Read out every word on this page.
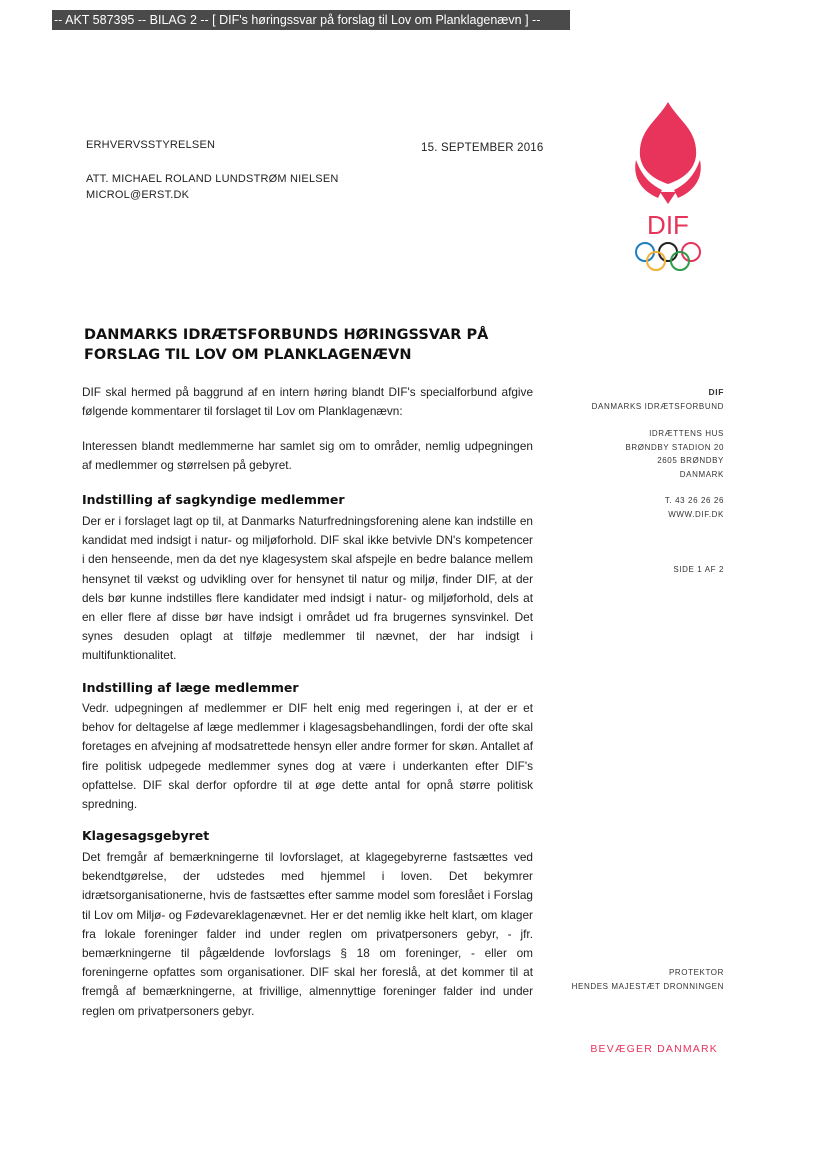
-- AKT 587395 -- BILAG 2 -- [ DIF's høringssvar på forslag til Lov om Planklagenævn ] --
ERHVERVSSTYRELSEN	15. SEPTEMBER 2016
ATT. MICHAEL ROLAND LUNDSTRØM NIELSEN
MICROL@ERST.DK
DIF
DANMARKS IDRÆTSFORBUNDS HØRINGSSVAR PÅ FORSLAG TIL LOV OM PLANKLAGENÆVN

DIF skal hermed på baggrund af en intern høring blandt DIF's specialforbund afgive følgende kommentarer til forslaget til Lov om Planklagenævn:

Interessen blandt medlemmerne har samlet sig om to områder, nemlig udpegningen af medlemmer og størrelsen på gebyret.

Indstilling af sagkyndige medlemmer

Der er i forslaget lagt op til, at Danmarks Naturfredningsforening alene kan indstille en kandidat med indsigt i natur- og miljøforhold. DIF skal ikke betvivle DN's kompetencer i den henseende, men da det nye klagesystem skal afspejle en bedre balance mellem hensynet til vækst og udvikling over for hensynet til natur og miljø, finder DIF, at der dels bør kunne indstilles flere kandidater med indsigt i natur- og miljøforhold, dels at en eller flere af disse bør have indsigt i området ud fra brugernes synsvinkel. Det synes desuden oplagt at tilføje medlemmer til nævnet, der har indsigt i multifunktionalitet.

Indstilling af læge medlemmer

Vedr. udpegningen af medlemmer er DIF helt enig med regeringen i, at der er et behov for deltagelse af læge medlemmer i klagesagsbehandlingen, fordi der ofte skal foretages en afvejning af modsatrettede hensyn eller andre former for skøn. Antallet af fire politisk udpegede medlemmer synes dog at være i underkanten efter DIF's opfattelse. DIF skal derfor opfordre til at øge dette antal for opnå større politisk spredning.

Klagesagsgebyret

Det fremgår af bemærkningerne til lovforslaget, at klagegebyrerne fastsættes ved bekendtgørelse, der udstedes med hjemmel i loven. Det bekymrer idrætsorganisationerne, hvis de fastsættes efter samme model som foreslået i Forslag til Lov om Miljø- og Fødevareklagenævnet. Her er det nemlig ikke helt klart, om klager fra lokale foreninger falder ind under reglen om privatpersoners gebyr, - jfr. bemærkningerne til pågældende lovforslags § 18 om foreninger, - eller om foreningerne opfattes som organisationer. DIF skal her foreslå, at det kommer til at fremgå af bemærkningerne, at frivillige, almennyttige foreninger falder ind under reglen om privatpersoners gebyr.

DIF
DANMARKS IDRÆTSFORBUND
IDRÆTTENS HUS
BRØNDBY STADION 20
2605 BRØNDBY
DANMARK
T. 43 26 26 26
WWW.DIF.DK
SIDE 1 AF 2
PROTEKTOR
HENDES MAJESTÆT DRONNINGEN
BEVÆGER DANMARK
